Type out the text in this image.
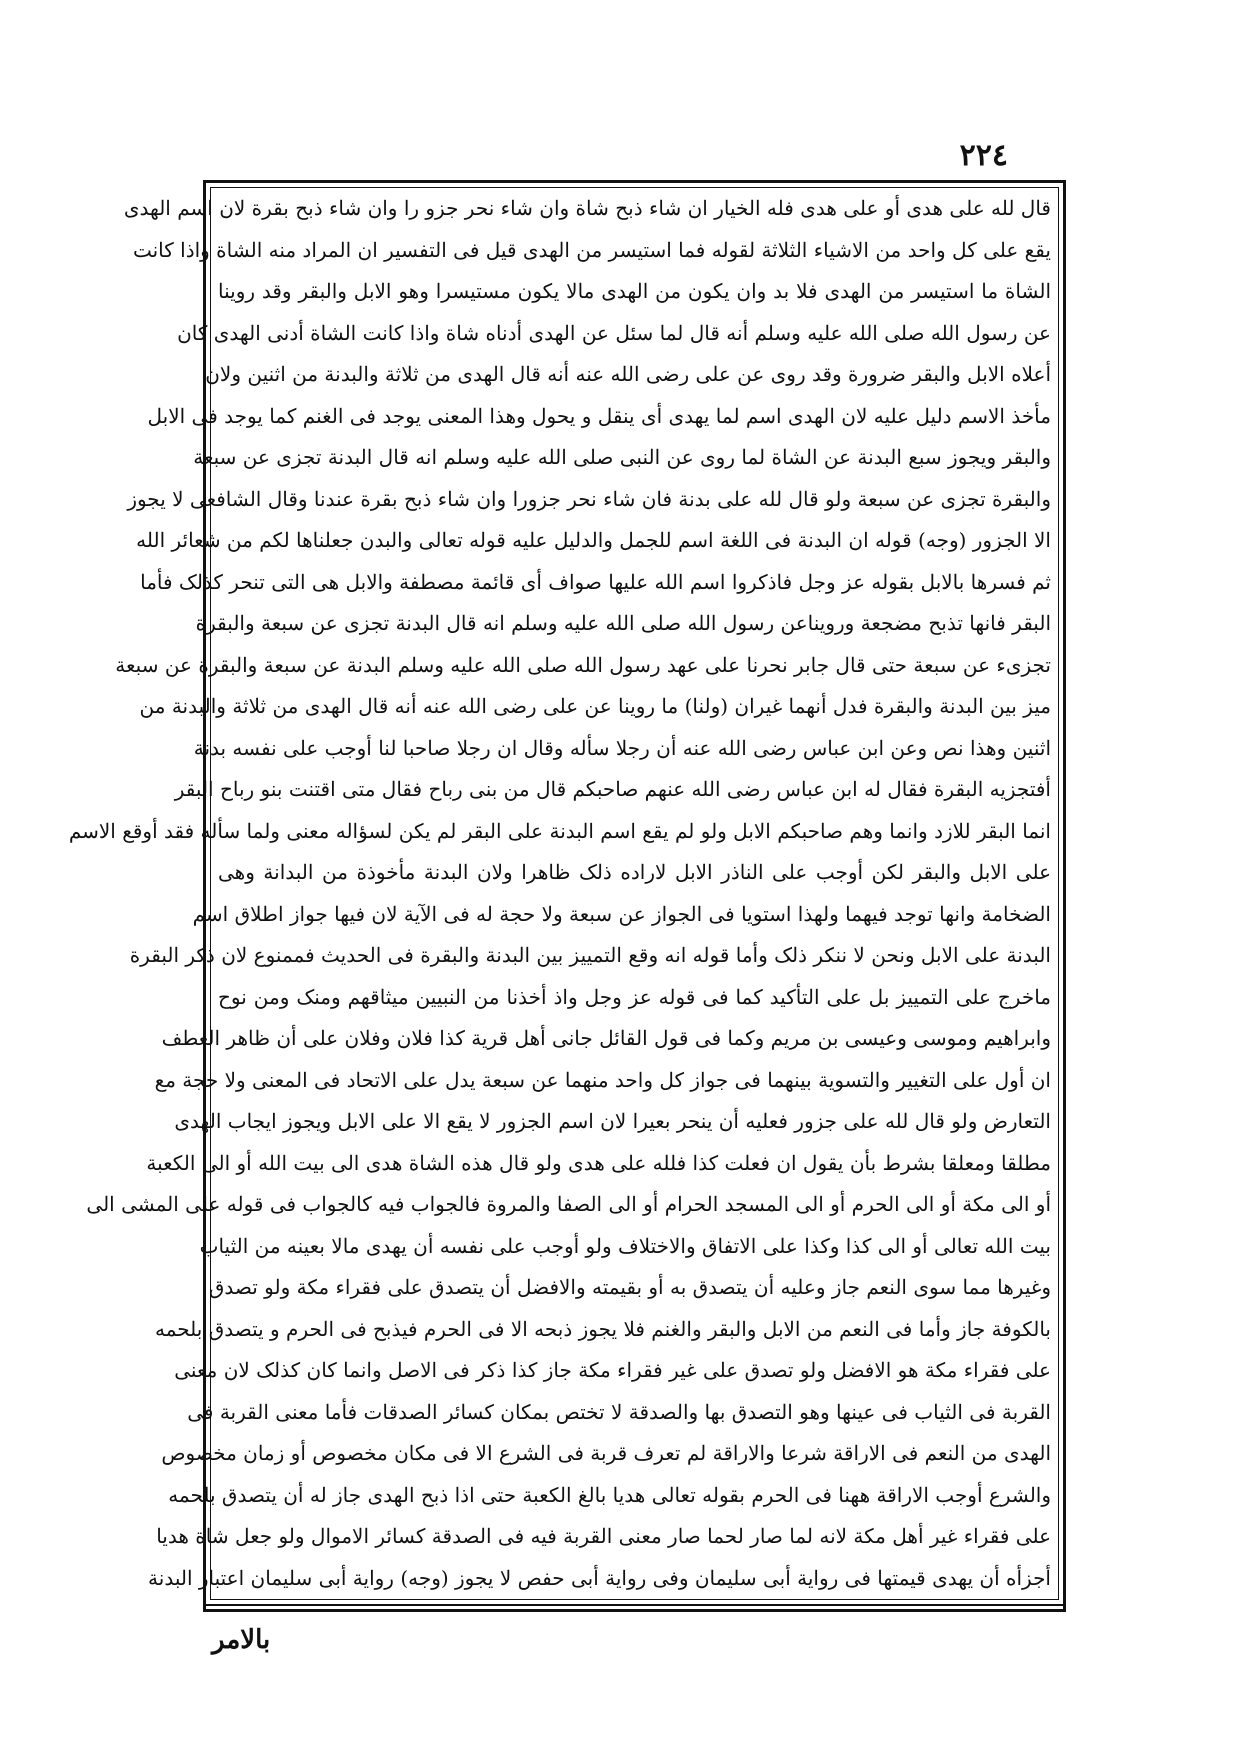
٢٢٤
قال لله علی هدی أو علی هدی فله الخیار ان شاء ذبح شاة وان شاء نحر جزو را وان شاء ذبح بقرة لان اسم الهدی
یقع علی کل واحد من الاشیاء الثلاثة لقوله فما استیسر من الهدی قیل فی التفسیر ان المراد منه الشاة واذا کانت
الشاة ما استیسر من الهدی فلا بد وان یکون من الهدی مالا یکون مستیسرا وهو الابل والبقر وقد روینا
عن رسول الله صلی الله علیه وسلم أنه قال لما سئل عن الهدی أدناه شاة واذا کانت الشاة أدنی الهدی کان
أعلاه الابل والبقر ضرورة وقد روی عن علی رضی الله عنه أنه قال الهدی من ثلاثة والبدنة من اثنین ولان
مأخذ الاسم دلیل علیه لان الهدی اسم لما یهدی أی ینقل و یحول وهذا المعنی یوجد فی الغنم کما یوجد فی الابل
والبقر ویجوز سبع البدنة عن الشاة لما روی عن النبی صلی الله علیه وسلم انه قال البدنة تجزی عن سبعة
والبقرة تجزی عن سبعة ولو قال لله علی بدنة فان شاء نحر جزورا وان شاء ذبح بقرة عندنا وقال الشافعی لا یجوز
الا الجزور (وجه) قوله ان البدنة فی اللغة اسم للجمل والدلیل علیه قوله تعالی والبدن جعلناها لکم من شعائر الله
ثم فسرها بالابل بقوله عز وجل فاذکروا اسم الله علیها صواف أی قائمة مصطفة والابل هی التی تنحر کذلک فأما
البقر فانها تذبح مضجعة ورویناعن رسول الله صلی الله علیه وسلم انه قال البدنة تجزی عن سبعة والبقرة
تجزیء عن سبعة حتی قال جابر نحرنا علی عهد رسول الله صلی الله علیه وسلم البدنة عن سبعة والبقرة عن سبعة
میز بین البدنة والبقرة فدل أنهما غیران (ولنا) ما روینا عن علی رضی الله عنه أنه قال الهدی من ثلاثة والبدنة من
اثنین وهذا نص وعن ابن عباس رضی الله عنه أن رجلا سأله وقال ان رجلا صاحبا لنا أوجب علی نفسه بدنة
أفتجزیه البقرة فقال له ابن عباس رضی الله عنهم صاحبکم قال من بنی رباح فقال متی اقتنت بنو رباح البقر
انما البقر للازد وانما وهم صاحبکم الابل ولو لم یقع اسم البدنة علی البقر لم یکن لسؤاله معنی ولما سأله فقد أوقع الاسم
علی الابل والبقر لکن أوجب علی الناذر الابل لاراده ذلک ظاهرا ولان البدنة مأخوذة من البدانة وهی
الضخامة وانها توجد فیهما ولهذا استویا فی الجواز عن سبعة ولا حجة له فی الآیة لان فیها جواز اطلاق اسم
البدنة علی الابل ونحن لا ننکر ذلک وأما قوله انه وقع التمییز بین البدنة والبقرة فی الحدیث فممنوع لان ذکر البقرة
ماخرج علی التمییز بل علی التأکید کما فی قوله عز وجل واذ أخذنا من النبیین میثاقهم ومنک ومن نوح
وابراهیم وموسی وعیسی بن مریم وکما فی قول القائل جانی أهل قریة کذا فلان وفلان علی أن ظاهر العطف
ان أول علی التغییر والتسویة بینهما فی جواز کل واحد منهما عن سبعة یدل علی الاتحاد فی المعنی ولا حجة مع
التعارض ولو قال لله علی جزور فعلیه أن ینحر بعیرا لان اسم الجزور لا یقع الا علی الابل ویجوز ایجاب الهدی
مطلقا ومعلقا بشرط بأن یقول ان فعلت کذا فلله علی هدی ولو قال هذه الشاة هدی الی بیت الله أو الی الکعبة
أو الی مکة أو الی الحرم أو الی المسجد الحرام أو الی الصفا والمروة فالجواب فیه کالجواب فی قوله علی المشی الی
بیت الله تعالی أو الی کذا وکذا علی الاتفاق والاختلاف ولو أوجب علی نفسه أن یهدی مالا بعینه من الثیاب
وغیرها مما سوی النعم جاز وعلیه أن یتصدق به أو بقیمته والافضل أن یتصدق علی فقراء مکة ولو تصدق
بالکوفة جاز وأما فی النعم من الابل والبقر والغنم فلا یجوز ذبحه الا فی الحرم فیذبح فی الحرم و یتصدق بلحمه
علی فقراء مکة هو الافضل ولو تصدق علی غیر فقراء مکة جاز کذا ذکر فی الاصل وانما کان کذلک لان معنی
القربة فی الثیاب فی عینها وهو التصدق بها والصدقة لا تختص بمکان کسائر الصدقات فأما معنی القربة فی
الهدی من النعم فی الاراقة شرعا والاراقة لم تعرف قربة فی الشرع الا فی مکان مخصوص أو زمان مخصوص
والشرع أوجب الاراقة ههنا فی الحرم بقوله تعالی هدیا بالغ الکعبة حتی اذا ذبح الهدی جاز له أن یتصدق بلحمه
علی فقراء غیر أهل مکة لانه لما صار لحما صار معنی القربة فیه فی الصدقة کسائر الاموال ولو جعل شاة هدیا
أجزأه أن یهدی قیمتها فی روایة أبی سلیمان وفی روایة أبی حفص لا یجوز (وجه) روایة أبی سلیمان اعتبار البدنة
بالامر
